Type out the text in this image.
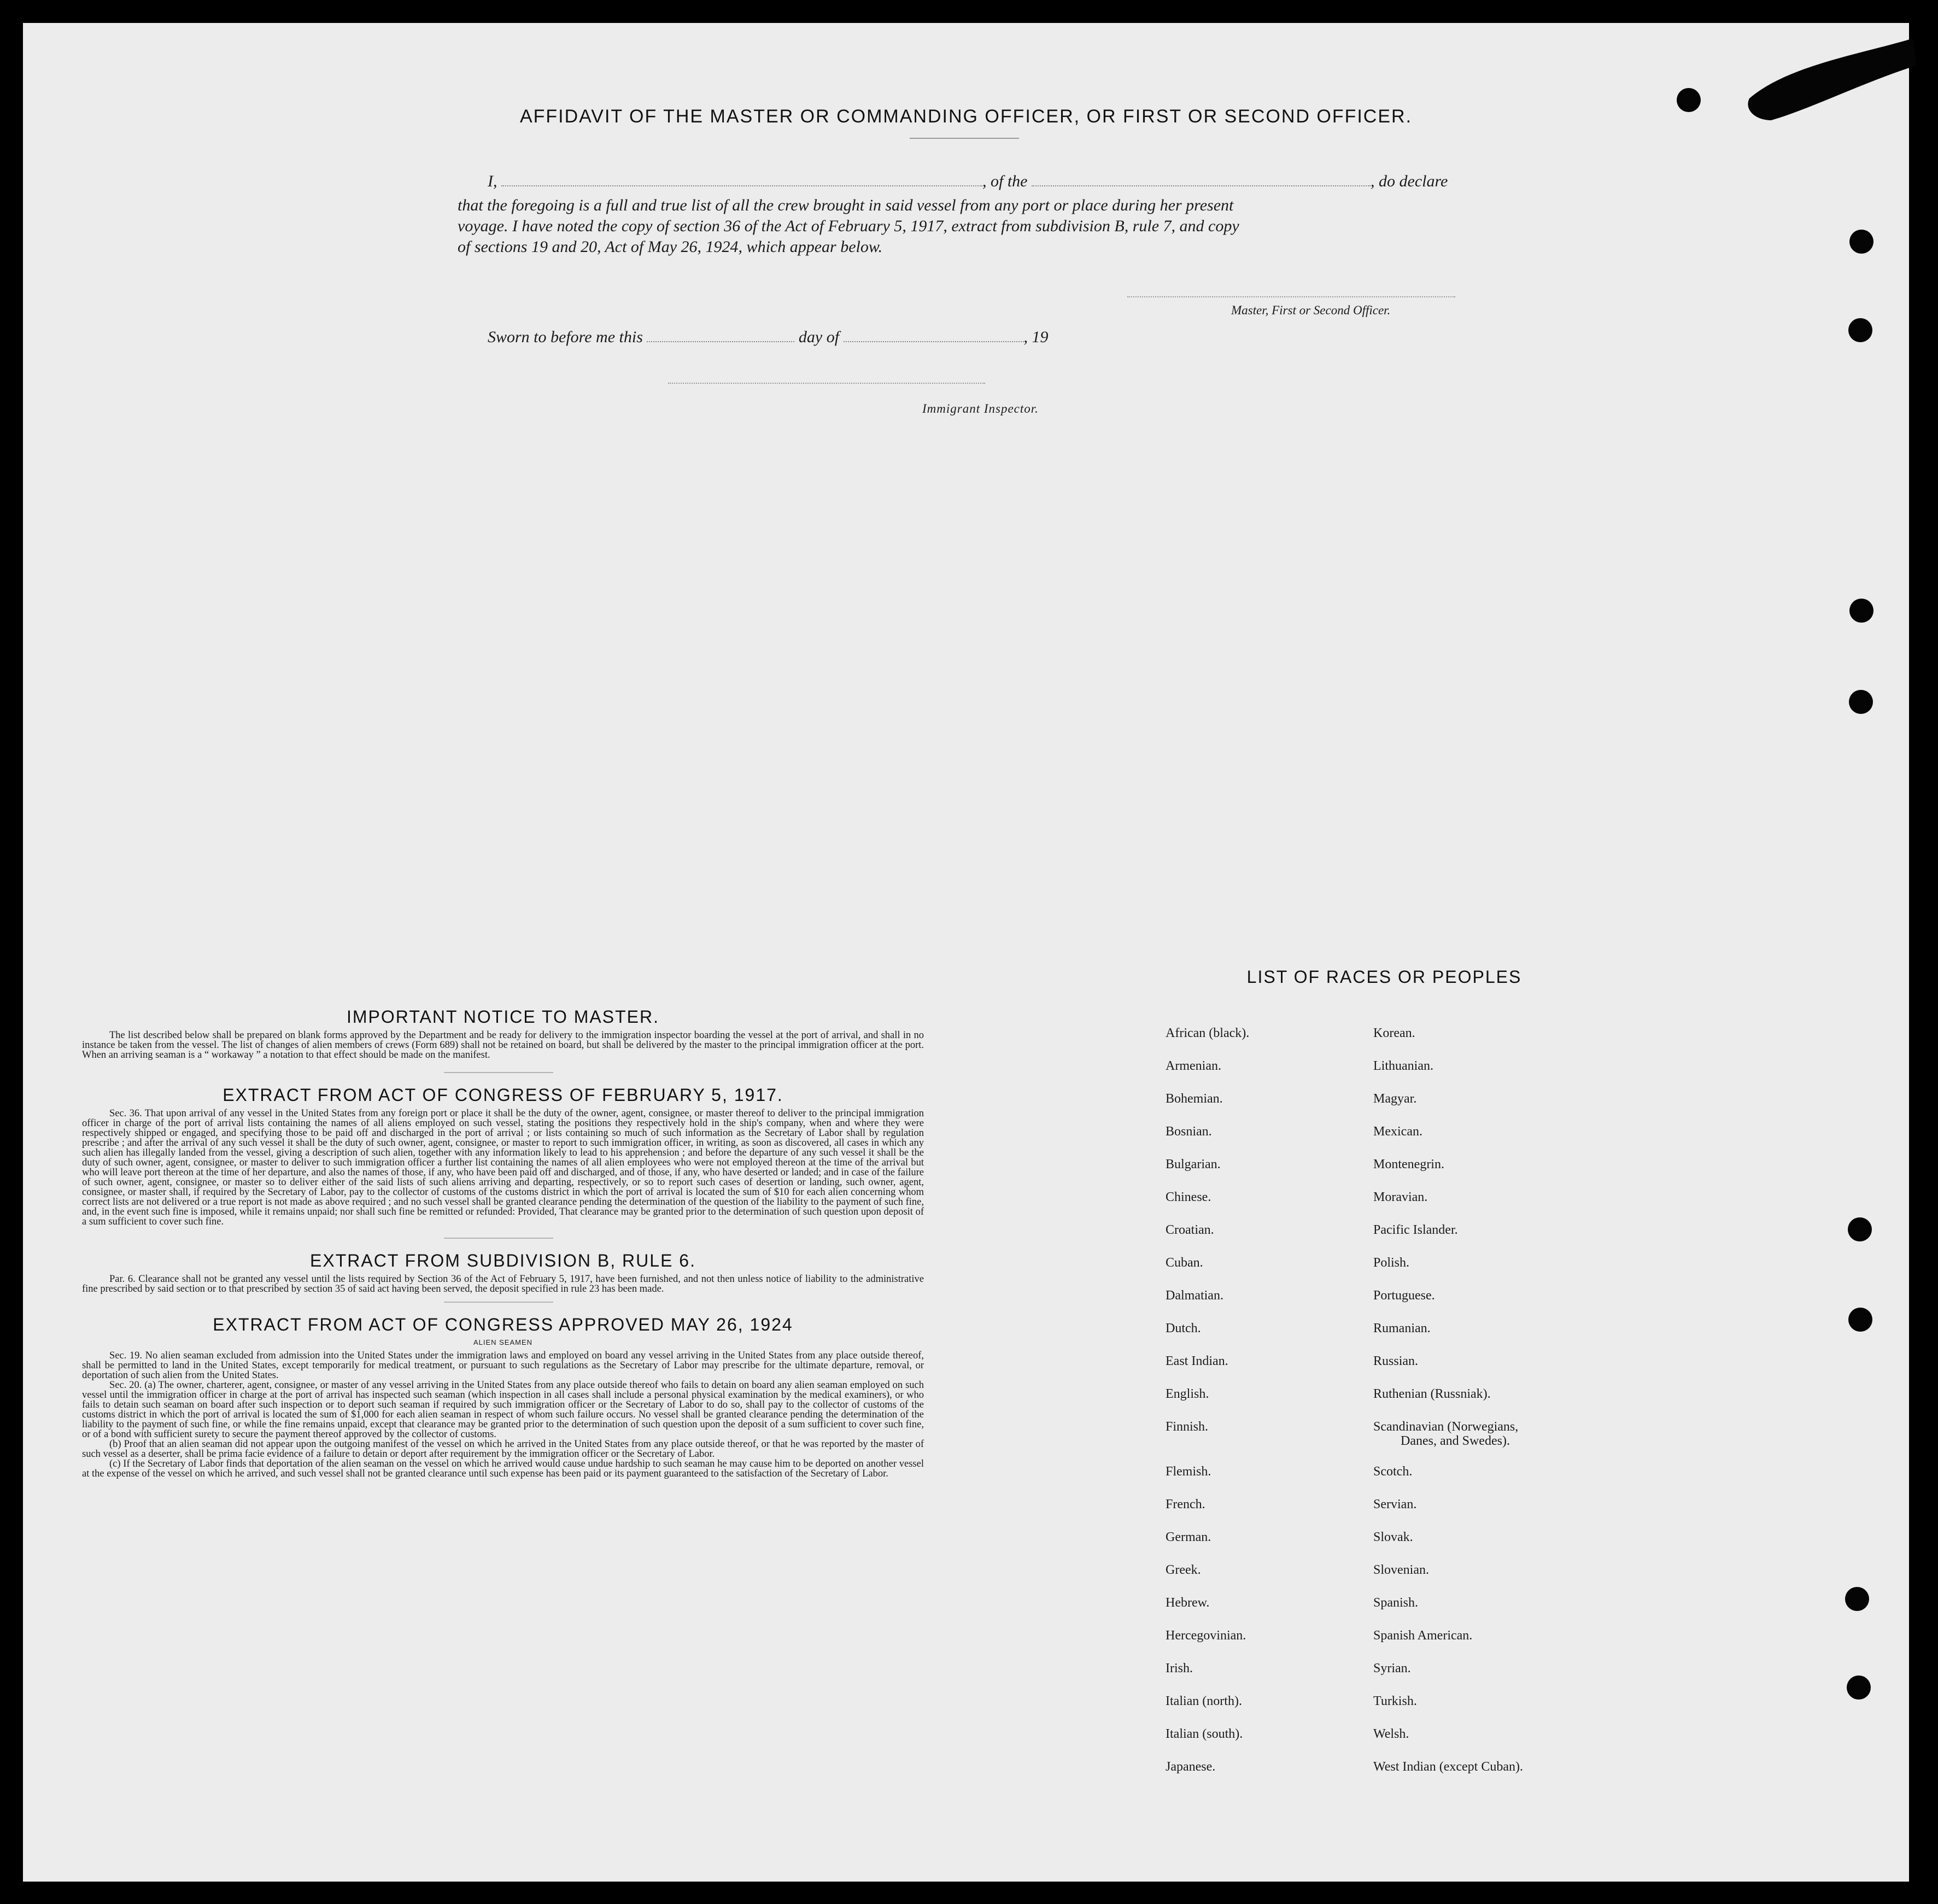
AFFIDAVIT OF THE MASTER OR COMMANDING OFFICER, OR FIRST OR SECOND OFFICER.
I,	, of the	, do declare
that the foregoing is a full and true list of all the crew brought in said vessel from any port or place during her present
voyage. I have noted the copy of section 36 of the Act of February 5, 1917, extract from subdivision B, rule 7, and copy
of sections 19 and 20, Act of May 26, 1924, which appear below.
Master, First or Second Officer.
Sworn to before me this	day of	, 19
Immigrant Inspector.
IMPORTANT NOTICE TO MASTER.
The list described below shall be prepared on blank forms approved by the Department and be ready for delivery to the immigration inspector boarding the vessel at the port of arrival, and shall in no instance be taken from the vessel. The list of changes of alien members of crews (Form 689) shall not be retained on board, but shall be delivered by the master to the principal immigration officer at the port. When an arriving seaman is a “ workaway ” a notation to that effect should be made on the manifest.
EXTRACT FROM ACT OF CONGRESS OF FEBRUARY 5, 1917.
Sec. 36. That upon arrival of any vessel in the United States from any foreign port or place it shall be the duty of the owner, agent, consignee, or master thereof to deliver to the principal immigration officer in charge of the port of arrival lists containing the names of all aliens employed on such vessel, stating the positions they respectively hold in the ship's company, when and where they were respectively shipped or engaged, and specifying those to be paid off and discharged in the port of arrival ; or lists containing so much of such information as the Secretary of Labor shall by regulation prescribe ; and after the arrival of any such vessel it shall be the duty of such owner, agent, consignee, or master to report to such immigration officer, in writing, as soon as discovered, all cases in which any such alien has illegally landed from the vessel, giving a description of such alien, together with any information likely to lead to his apprehension ; and before the departure of any such vessel it shall be the duty of such owner, agent, consignee, or master to deliver to such immigration officer a further list containing the names of all alien employees who were not employed thereon at the time of the arrival but who will leave port thereon at the time of her departure, and also the names of those, if any, who have been paid off and discharged, and of those, if any, who have deserted or landed; and in case of the failure of such owner, agent, consignee, or master so to deliver either of the said lists of such aliens arriving and departing, respectively, or so to report such cases of desertion or landing, such owner, agent, consignee, or master shall, if required by the Secretary of Labor, pay to the collector of customs of the customs district in which the port of arrival is located the sum of $10 for each alien concerning whom correct lists are not delivered or a true report is not made as above required ; and no such vessel shall be granted clearance pending the determination of the question of the liability to the payment of such fine, and, in the event such fine is imposed, while it remains unpaid; nor shall such fine be remitted or refunded: Provided, That clearance may be granted prior to the determination of such question upon deposit of a sum sufficient to cover such fine.
EXTRACT FROM SUBDIVISION B, RULE 6.
Par. 6. Clearance shall not be granted any vessel until the lists required by Section 36 of the Act of February 5, 1917, have been furnished, and not then unless notice of liability to the administrative fine prescribed by said section or to that prescribed by section 35 of said act having been served, the deposit specified in rule 23 has been made.
EXTRACT FROM ACT OF CONGRESS APPROVED MAY 26, 1924
ALIEN SEAMEN
Sec. 19. No alien seaman excluded from admission into the United States under the immigration laws and employed on board any vessel arriving in the United States from any place outside thereof, shall be permitted to land in the United States, except temporarily for medical treatment, or pursuant to such regulations as the Secretary of Labor may prescribe for the ultimate departure, removal, or deportation of such alien from the United States.
Sec. 20. (a) The owner, charterer, agent, consignee, or master of any vessel arriving in the United States from any place outside thereof who fails to detain on board any alien seaman employed on such vessel until the immigration officer in charge at the port of arrival has inspected such seaman (which inspection in all cases shall include a personal physical examination by the medical examiners), or who fails to detain such seaman on board after such inspection or to deport such seaman if required by such immigration officer or the Secretary of Labor to do so, shall pay to the collector of customs of the customs district in which the port of arrival is located the sum of $1,000 for each alien seaman in respect of whom such failure occurs. No vessel shall be granted clearance pending the determination of the liability to the payment of such fine, or while the fine remains unpaid, except that clearance may be granted prior to the determination of such question upon the deposit of a sum sufficient to cover such fine, or of a bond with sufficient surety to secure the payment thereof approved by the collector of customs.
(b) Proof that an alien seaman did not appear upon the outgoing manifest of the vessel on which he arrived in the United States from any place outside thereof, or that he was reported by the master of such vessel as a deserter, shall be prima facie evidence of a failure to detain or deport after requirement by the immigration officer or the Secretary of Labor.
(c) If the Secretary of Labor finds that deportation of the alien seaman on the vessel on which he arrived would cause undue hardship to such seaman he may cause him to be deported on another vessel at the expense of the vessel on which he arrived, and such vessel shall not be granted clearance until such expense has been paid or its payment guaranteed to the satisfaction of the Secretary of Labor.
LIST OF RACES OR PEOPLES
African (black).
Armenian.
Bohemian.
Bosnian.
Bulgarian.
Chinese.
Croatian.
Cuban.
Dalmatian.
Dutch.
East Indian.
English.
Finnish.
Flemish.
French.
German.
Greek.
Hebrew.
Hercegovinian.
Irish.
Italian (north).
Italian (south).
Japanese.
Korean.
Lithuanian.
Magyar.
Mexican.
Montenegrin.
Moravian.
Pacific Islander.
Polish.
Portuguese.
Rumanian.
Russian.
Ruthenian (Russniak).
Scandinavian (Norwegians,
Danes, and Swedes).
Scotch.
Servian.
Slovak.
Slovenian.
Spanish.
Spanish American.
Syrian.
Turkish.
Welsh.
West Indian (except Cuban).
